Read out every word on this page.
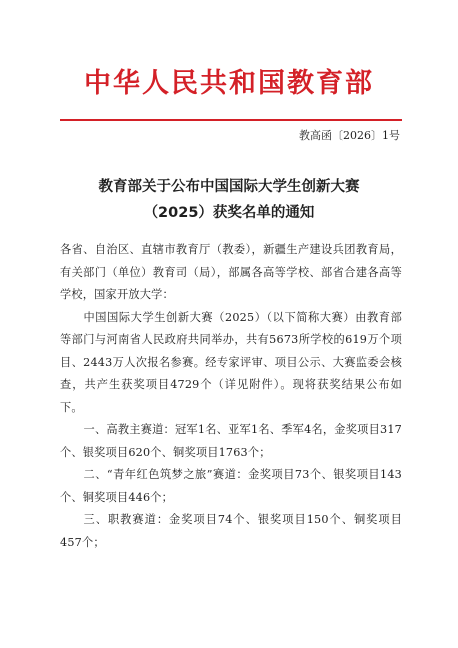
中华人民共和国教育部
教高函〔2026〕1号
教育部关于公布中国国际大学生创新大赛
（2025）获奖名单的通知

各省、自治区、直辖市教育厅（教委），新疆生产建设兵团教育局，有关部门（单位）教育司（局），部属各高等学校、部省合建各高等学校，国家开放大学：

中国国际大学生创新大赛（2025）（以下简称大赛）由教育部等部门与河南省人民政府共同举办，共有5673所学校的619万个项目、2443万人次报名参赛。经专家评审、项目公示、大赛监委会核查，共产生获奖项目4729个（详见附件）。现将获奖结果公布如下。

一、高教主赛道：冠军1名、亚军1名、季军4名，金奖项目317个、银奖项目620个、铜奖项目1763个；

二、“青年红色筑梦之旅”赛道：金奖项目73个、银奖项目143个、铜奖项目446个；

三、职教赛道：金奖项目74个、银奖项目150个、铜奖项目457个；
